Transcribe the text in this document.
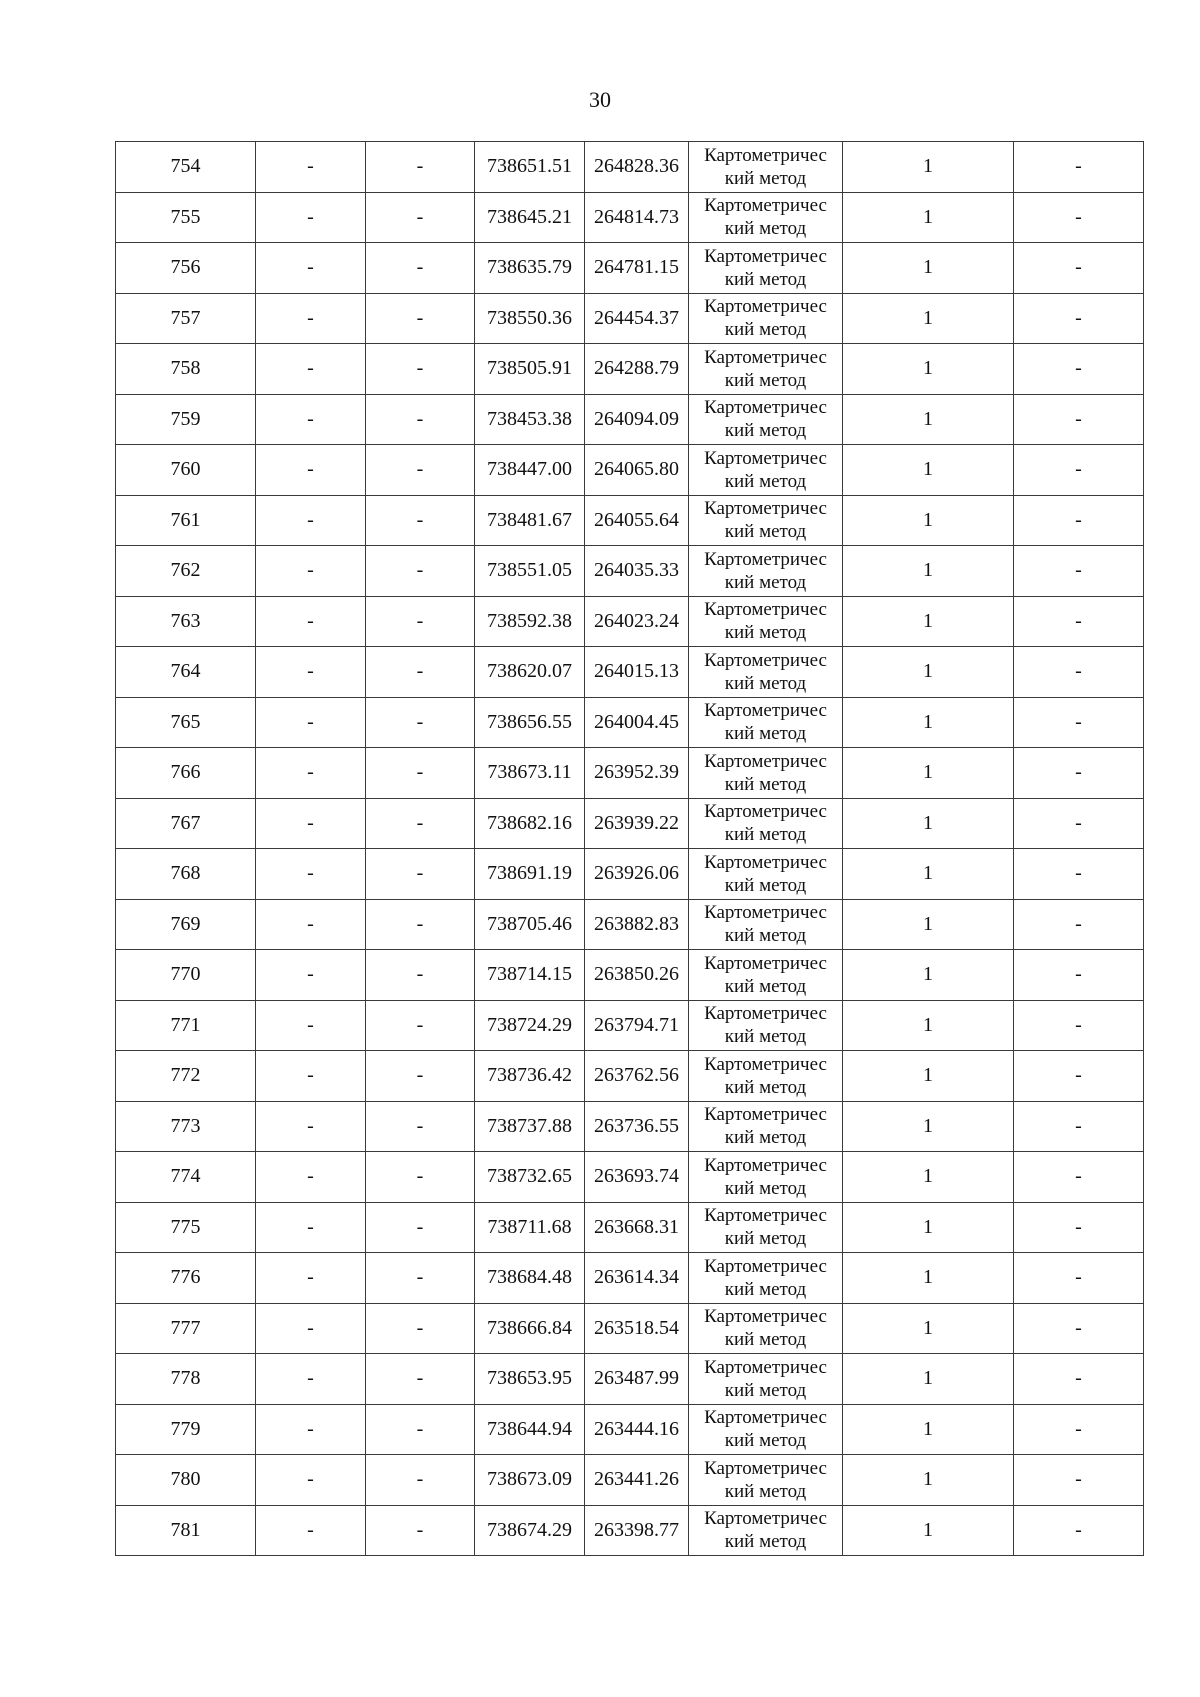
30
754	-	-	738651.51	264828.36	Картометричес
кий метод	1	-
755	-	-	738645.21	264814.73	Картометричес
кий метод	1	-
756	-	-	738635.79	264781.15	Картометричес
кий метод	1	-
757	-	-	738550.36	264454.37	Картометричес
кий метод	1	-
758	-	-	738505.91	264288.79	Картометричес
кий метод	1	-
759	-	-	738453.38	264094.09	Картометричес
кий метод	1	-
760	-	-	738447.00	264065.80	Картометричес
кий метод	1	-
761	-	-	738481.67	264055.64	Картометричес
кий метод	1	-
762	-	-	738551.05	264035.33	Картометричес
кий метод	1	-
763	-	-	738592.38	264023.24	Картометричес
кий метод	1	-
764	-	-	738620.07	264015.13	Картометричес
кий метод	1	-
765	-	-	738656.55	264004.45	Картометричес
кий метод	1	-
766	-	-	738673.11	263952.39	Картометричес
кий метод	1	-
767	-	-	738682.16	263939.22	Картометричес
кий метод	1	-
768	-	-	738691.19	263926.06	Картометричес
кий метод	1	-
769	-	-	738705.46	263882.83	Картометричес
кий метод	1	-
770	-	-	738714.15	263850.26	Картометричес
кий метод	1	-
771	-	-	738724.29	263794.71	Картометричес
кий метод	1	-
772	-	-	738736.42	263762.56	Картометричес
кий метод	1	-
773	-	-	738737.88	263736.55	Картометричес
кий метод	1	-
774	-	-	738732.65	263693.74	Картометричес
кий метод	1	-
775	-	-	738711.68	263668.31	Картометричес
кий метод	1	-
776	-	-	738684.48	263614.34	Картометричес
кий метод	1	-
777	-	-	738666.84	263518.54	Картометричес
кий метод	1	-
778	-	-	738653.95	263487.99	Картометричес
кий метод	1	-
779	-	-	738644.94	263444.16	Картометричес
кий метод	1	-
780	-	-	738673.09	263441.26	Картометричес
кий метод	1	-
781	-	-	738674.29	263398.77	Картометричес
кий метод	1	-
